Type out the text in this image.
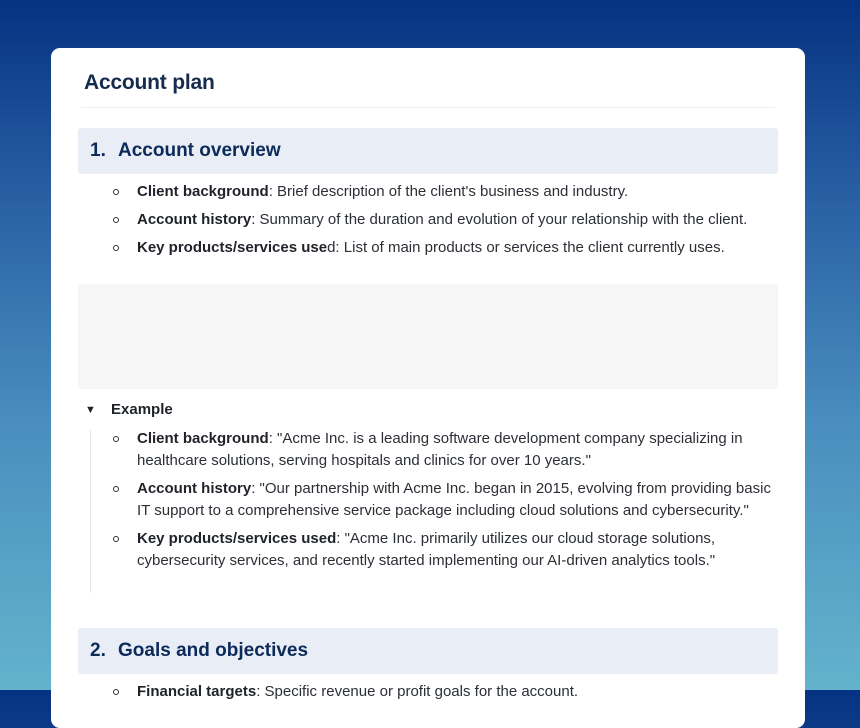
Account plan
1. Account overview
Client background: Brief description of the client's business and industry.
Account history: Summary of the duration and evolution of your relationship with the client.
Key products/services used: List of main products or services the client currently uses.
▼	Example
Client background: "Acme Inc. is a leading software development company specializing in healthcare solutions, serving hospitals and clinics for over 10 years."
Account history: "Our partnership with Acme Inc. began in 2015, evolving from providing basic IT support to a comprehensive service package including cloud solutions and cybersecurity."
Key products/services used: "Acme Inc. primarily utilizes our cloud storage solutions, cybersecurity services, and recently started implementing our AI-driven analytics tools."
2. Goals and objectives
Financial targets: Specific revenue or profit goals for the account.
